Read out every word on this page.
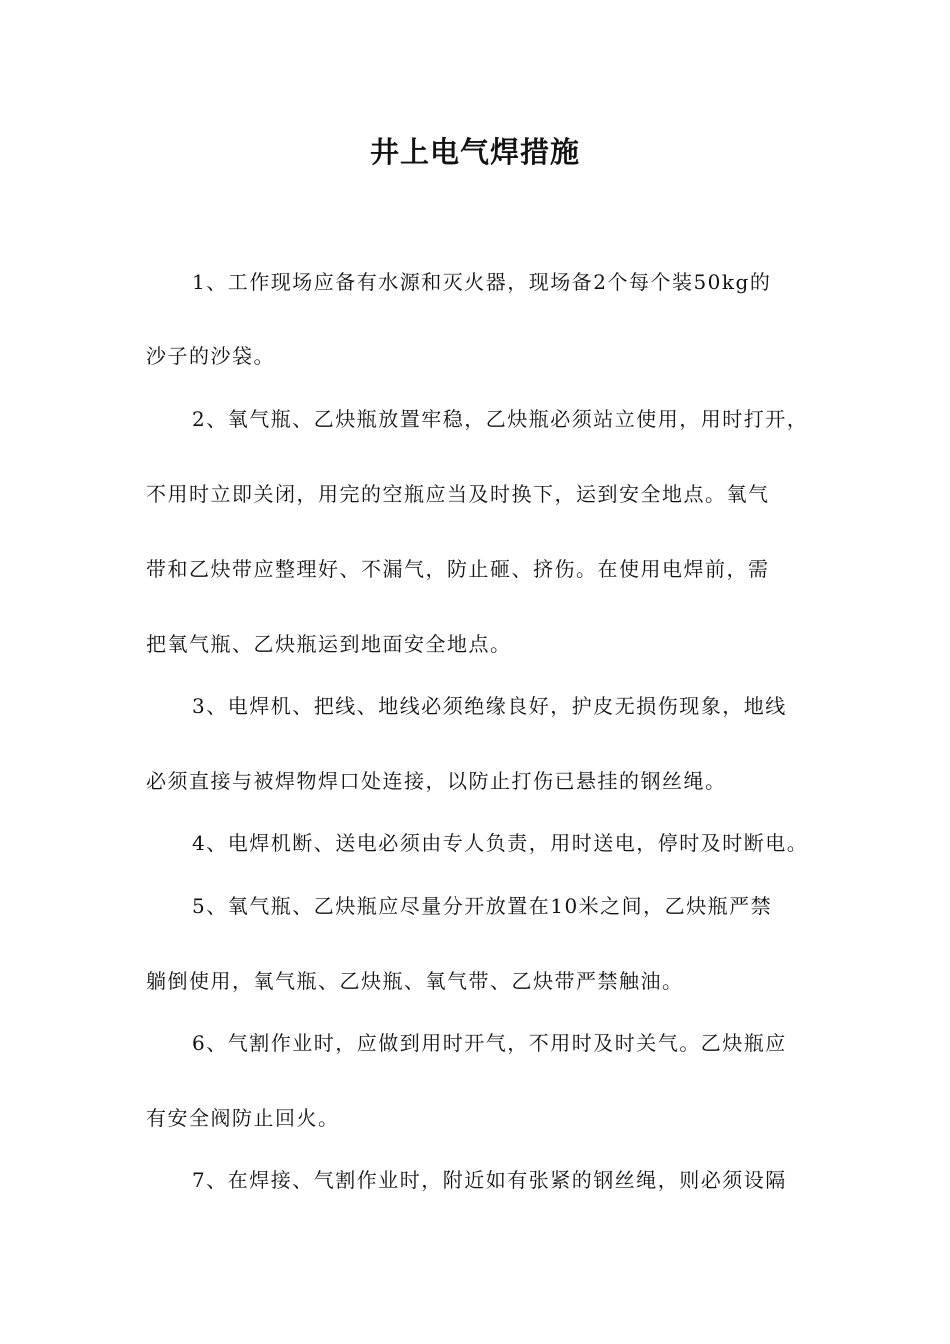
井上电气焊措施
1、工作现场应备有水源和灭火器，现场备2个每个装50kg的
沙子的沙袋。
2、氧气瓶、乙炔瓶放置牢稳，乙炔瓶必须站立使用，用时打开，
不用时立即关闭，用完的空瓶应当及时换下，运到安全地点。氧气
带和乙炔带应整理好、不漏气，防止砸、挤伤。在使用电焊前，需
把氧气瓶、乙炔瓶运到地面安全地点。
3、电焊机、把线、地线必须绝缘良好，护皮无损伤现象，地线
必须直接与被焊物焊口处连接，以防止打伤已悬挂的钢丝绳。
4、电焊机断、送电必须由专人负责，用时送电，停时及时断电。
5、氧气瓶、乙炔瓶应尽量分开放置在10米之间，乙炔瓶严禁
躺倒使用，氧气瓶、乙炔瓶、氧气带、乙炔带严禁触油。
6、气割作业时，应做到用时开气，不用时及时关气。乙炔瓶应
有安全阀防止回火。
7、在焊接、气割作业时，附近如有张紧的钢丝绳，则必须设隔
